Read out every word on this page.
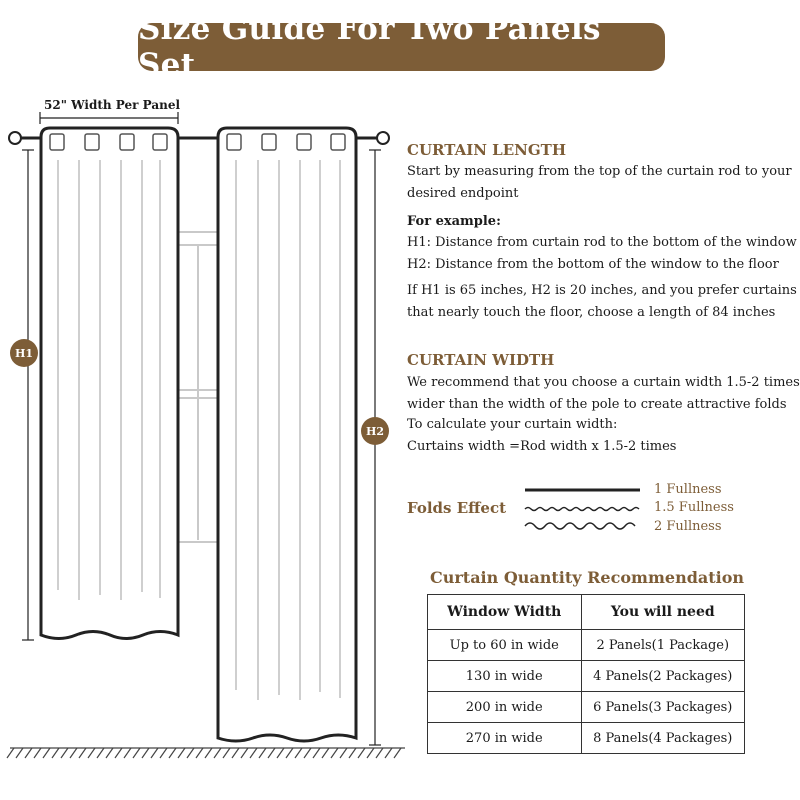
Size Guide For Two Panels Set
52" Width Per Panel
H1
H2
CURTAIN LENGTH
Start by measuring from the top of the curtain rod to your
desired endpoint
For example:
H1: Distance from curtain rod to the bottom of the window
H2: Distance from the bottom of the window to the floor
If H1 is 65 inches, H2 is 20 inches, and you prefer curtains
that nearly touch the floor, choose a length of 84 inches
CURTAIN WIDTH
We recommend that you choose a curtain width 1.5-2 times
wider than the width of the pole to create attractive folds
To calculate your curtain width:
Curtains width =Rod width x 1.5-2 times
Folds Effect
1 Fullness
1.5 Fullness
2 Fullness
Curtain Quantity Recommendation
Window Width	You will need
Up to 60 in wide	2 Panels(1 Package)
130 in wide	4 Panels(2 Packages)
200 in wide	6 Panels(3 Packages)
270 in wide	8 Panels(4 Packages)
